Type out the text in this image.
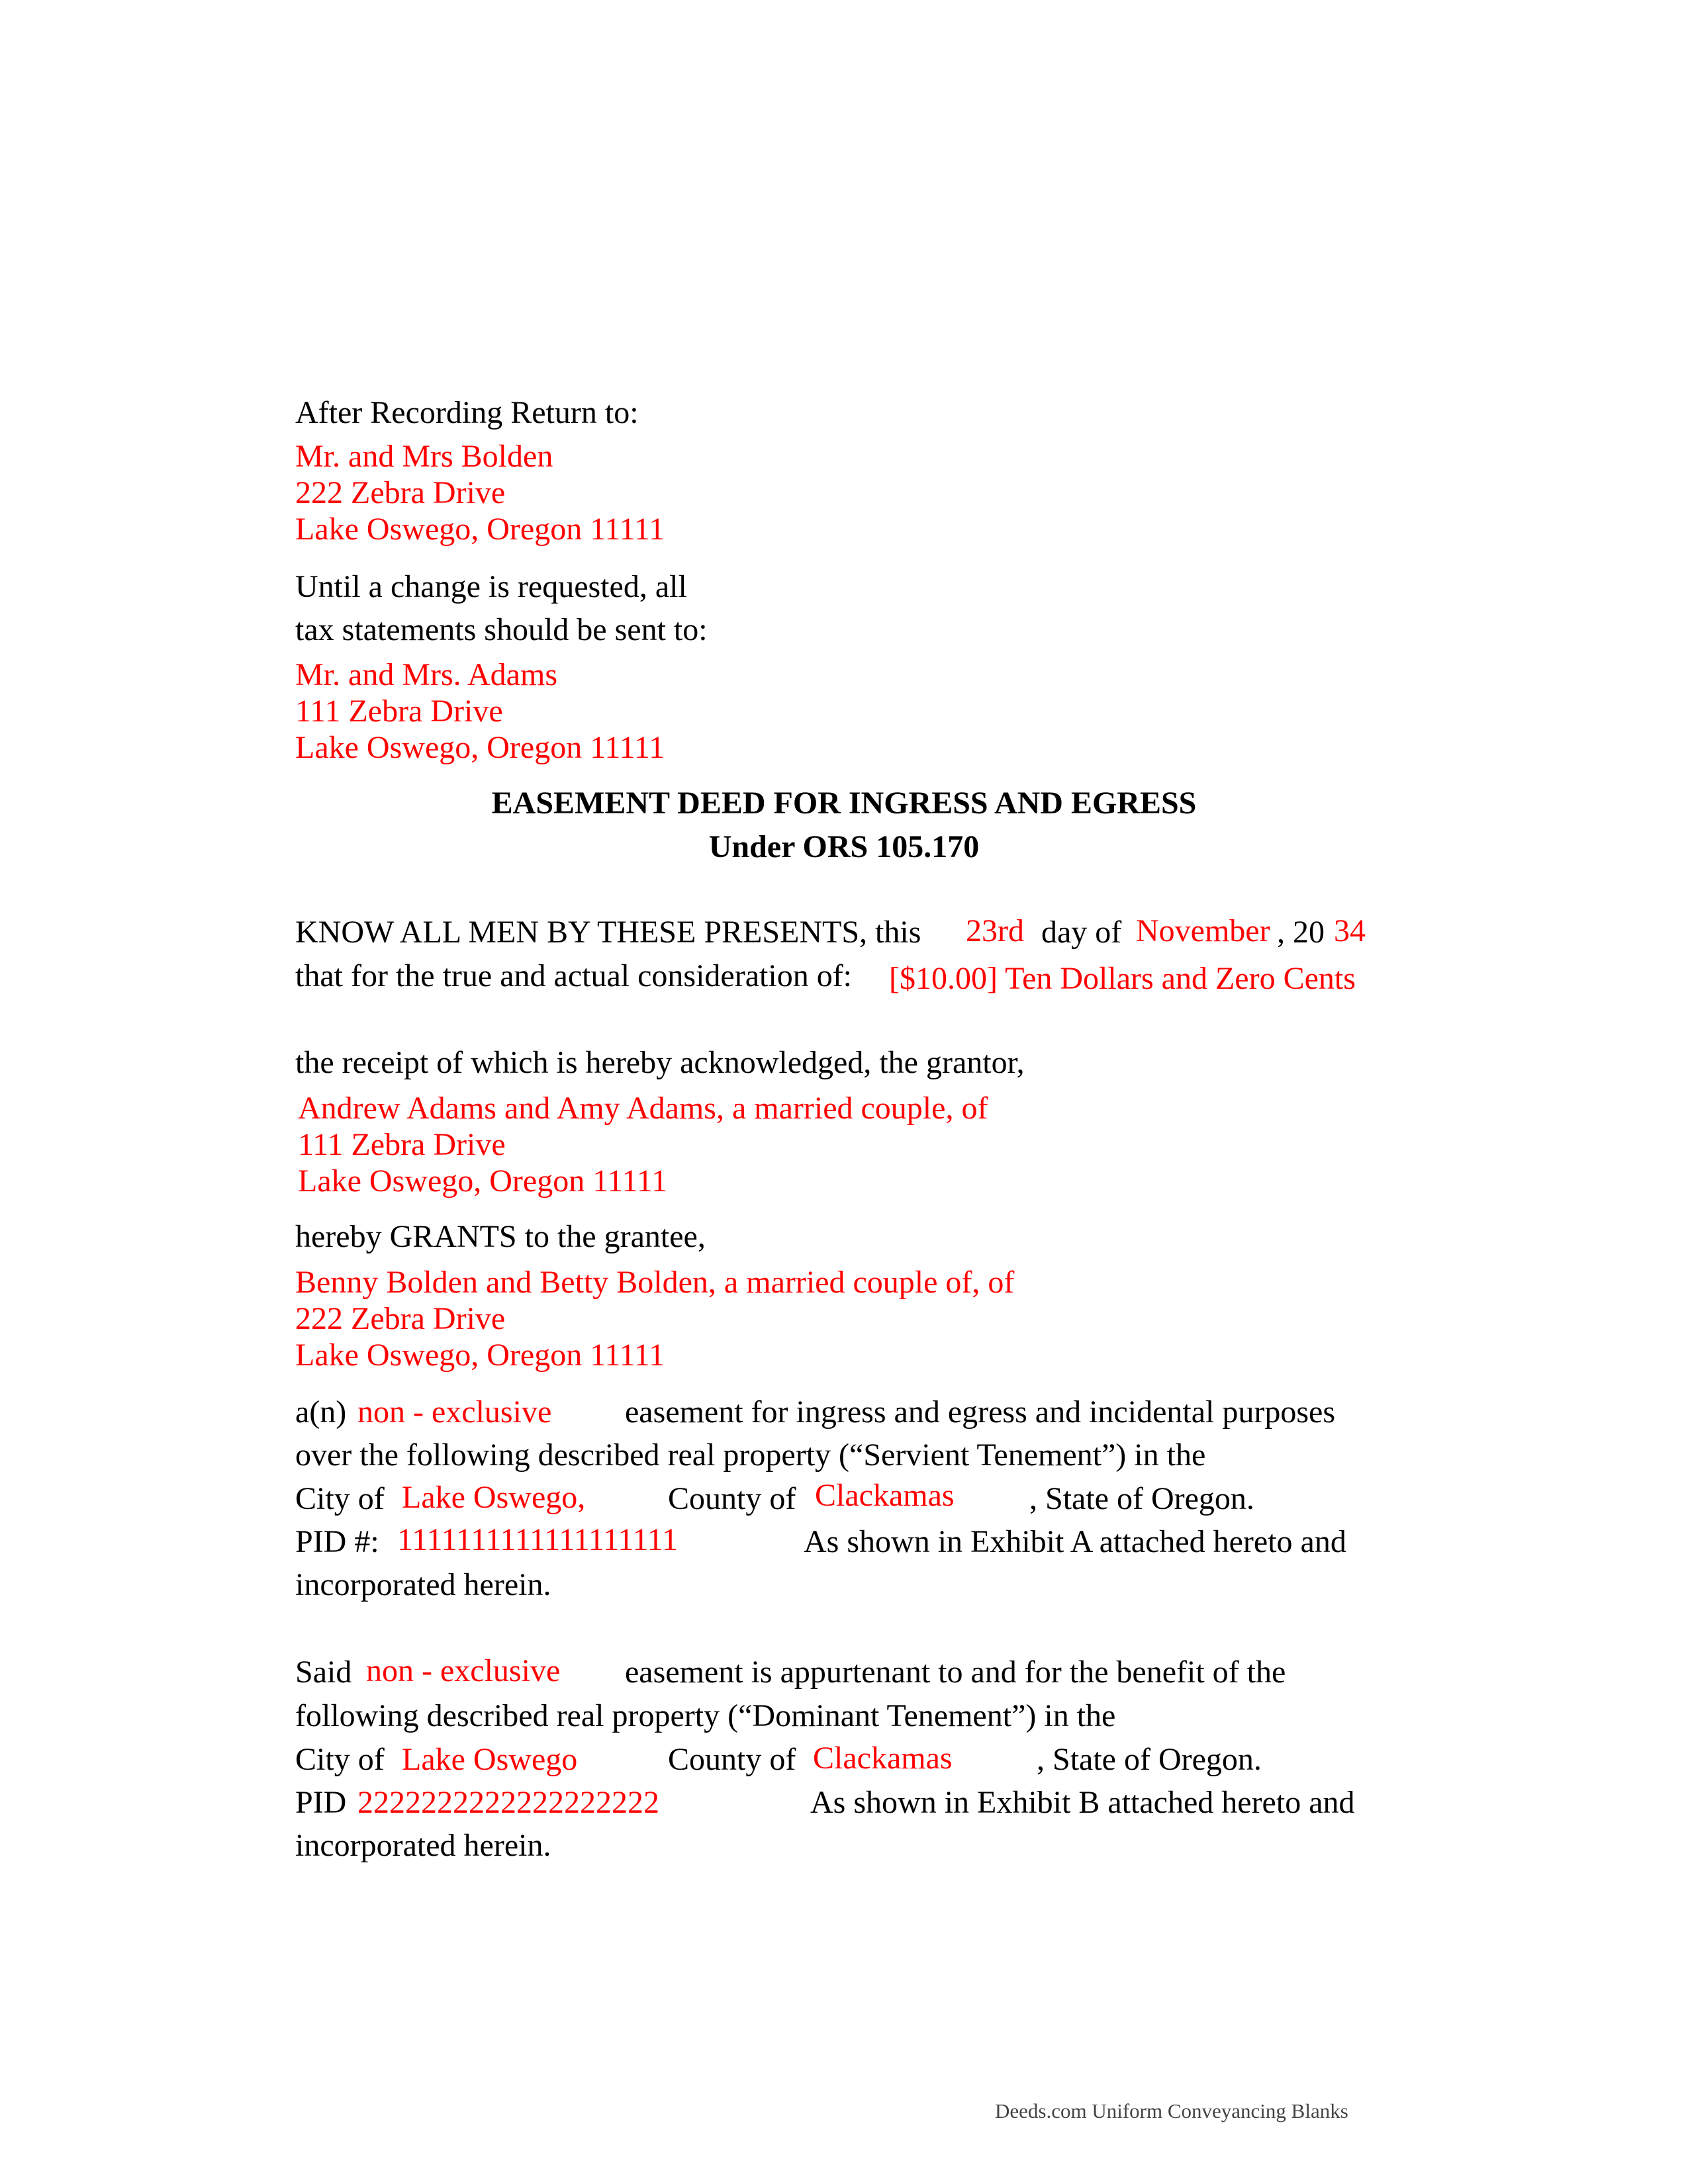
After Recording Return to:
Mr. and Mrs Bolden
222 Zebra Drive
Lake Oswego, Oregon 11111
Until a change is requested, all
tax statements should be sent to:
Mr. and Mrs. Adams
111 Zebra Drive
Lake Oswego, Oregon 11111
EASEMENT DEED FOR INGRESS AND EGRESS
Under ORS 105.170
KNOW ALL MEN BY THESE PRESENTS, this 23rd day of November , 20 34
that for the true and actual consideration of: [$10.00] Ten Dollars and Zero Cents
the receipt of which is hereby acknowledged, the grantor,
Andrew Adams and Amy Adams, a married couple, of
111 Zebra Drive
Lake Oswego, Oregon 11111
hereby GRANTS to the grantee,
Benny Bolden and Betty Bolden, a married couple of, of
222 Zebra Drive
Lake Oswego, Oregon 11111
a(n) non - exclusive easement for ingress and egress and incidental purposes
over the following described real property (“Servient Tenement”) in the
City of Lake Oswego,	County of Clackamas , State of Oregon.
PID #: 1111111111111111111	As shown in Exhibit A attached hereto and
incorporated herein.
Said non - exclusive easement is appurtenant to and for the benefit of the
following described real property (“Dominant Tenement”) in the
City of Lake Oswego	County of Clackamas	, State of Oregon.
PID 2222222222222222222	As shown in Exhibit B attached hereto and
incorporated herein.
Deeds.com Uniform Conveyancing Blanks
